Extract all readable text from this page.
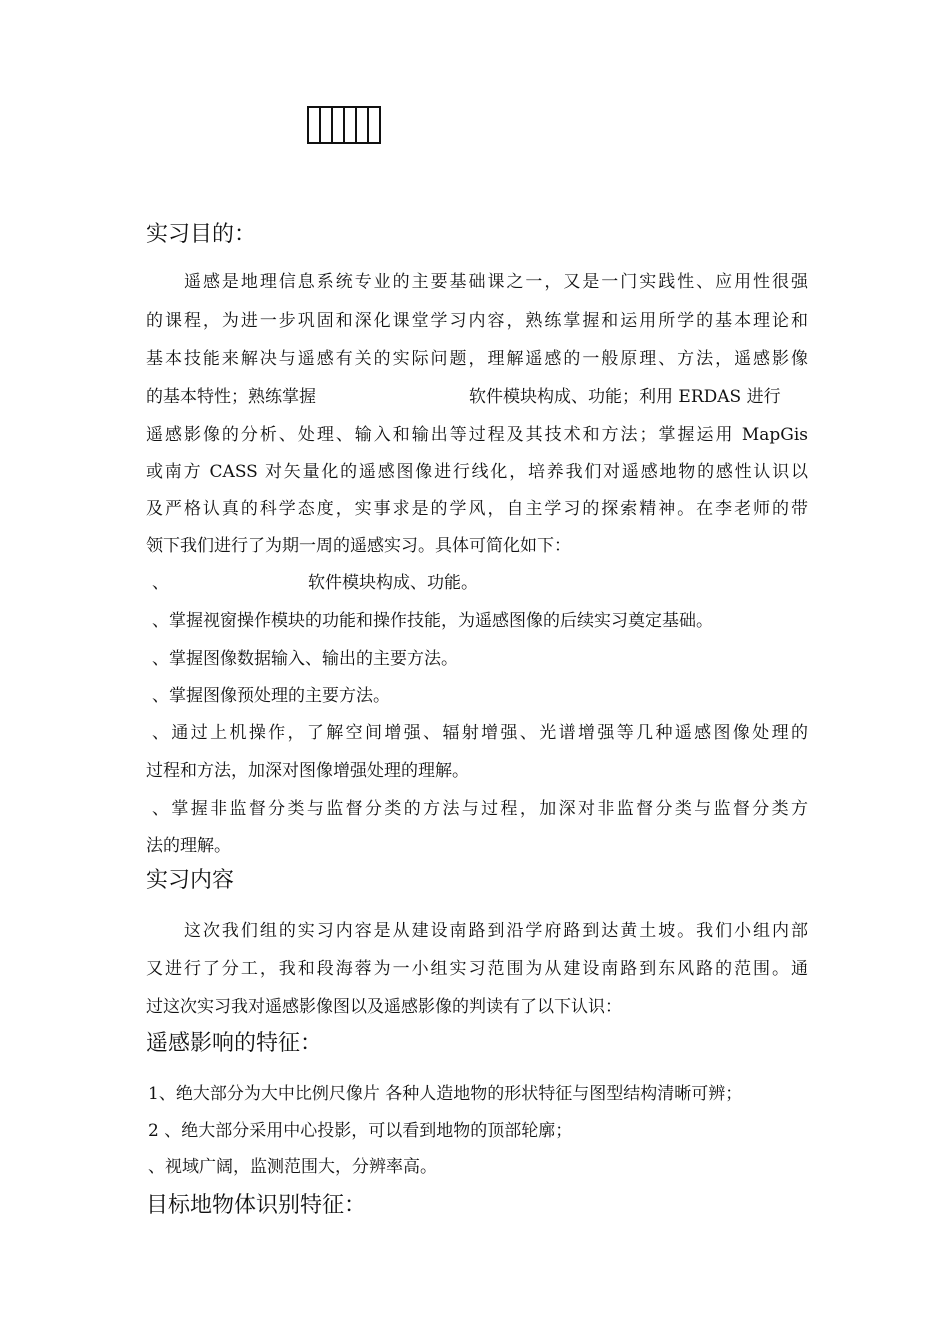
实习目的：
遥感是地理信息系统专业的主要基础课之一，又是一门实践性、应用性很强
的课程，为进一步巩固和深化课堂学习内容，熟练掌握和运用所学的基本理论和
基本技能来解决与遥感有关的实际问题，理解遥感的一般原理、方法，遥感影像
的基本特性；熟练掌握	软件模块构成、功能；利用 ERDAS 进行
遥感影像的分析、处理、输入和输出等过程及其技术和方法；掌握运用 MapGis
或南方 CASS 对矢量化的遥感图像进行线化，培养我们对遥感地物的感性认识以
及严格认真的科学态度，实事求是的学风，自主学习的探索精神。在李老师的带
领下我们进行了为期一周的遥感实习。具体可简化如下：
、	软件模块构成、功能。
、掌握视窗操作模块的功能和操作技能，为遥感图像的后续实习奠定基础。
、掌握图像数据输入、输出的主要方法。
、掌握图像预处理的主要方法。
、通过上机操作，了解空间增强、辐射增强、光谱增强等几种遥感图像处理的
过程和方法，加深对图像增强处理的理解。
、掌握非监督分类与监督分类的方法与过程，加深对非监督分类与监督分类方
法的理解。
实习内容
这次我们组的实习内容是从建设南路到沿学府路到达黄土坡。我们小组内部
又进行了分工，我和段海蓉为一小组实习范围为从建设南路到东风路的范围。通
过这次实习我对遥感影像图以及遥感影像的判读有了以下认识：
遥感影响的特征：
1、绝大部分为大中比例尺像片 各种人造地物的形状特征与图型结构清晰可辨；
2 、绝大部分采用中心投影，可以看到地物的顶部轮廓；
、视域广阔，监测范围大，分辨率高。
目标地物体识别特征：
